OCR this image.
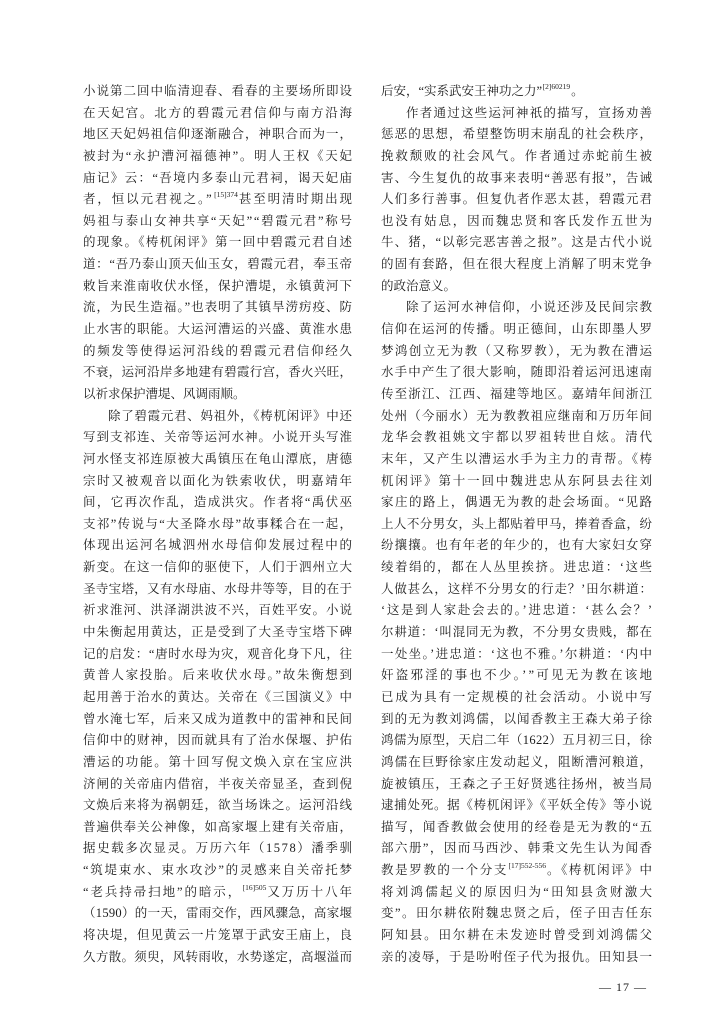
小说第二回中临清迎春、看春的主要场所即设
在天妃宫。北方的碧霞元君信仰与南方沿海
地区天妃妈祖信仰逐渐融合，神职合而为一，
被封为“永护漕河福德神”。明人王权《天妃
庙记》云：“吾境内多泰山元君祠，谒天妃庙
者，恒以元君视之。”$^{[15]374}$甚至明清时期出现
妈祖与泰山女神共享“天妃”“碧霞元君”称号
的现象。《梼杌闲评》第一回中碧霞元君自述
道：“吾乃泰山顶天仙玉女，碧霞元君，奉玉帝
敕旨来淮南收伏水怪，保护漕堤，永镇黄河下
流，为民生造福。”也表明了其镇旱涝疠疫、防
止水害的职能。大运河漕运的兴盛、黄淮水患
的频发等使得运河沿线的碧霞元君信仰经久
不衰，运河沿岸多地建有碧霞行宫，香火兴旺，
以祈求保护漕堤、风调雨顺。
除了碧霞元君、妈祖外，《梼杌闲评》中还
写到支祁连、关帝等运河水神。小说开头写淮
河水怪支祁连原被大禹镇压在龟山潭底，唐德
宗时又被观音以面化为铁索收伏，明嘉靖年
间，它再次作乱，造成洪灾。作者将“禹伏巫
支祁”传说与“大圣降水母”故事糅合在一起，
体现出运河名城泗州水母信仰发展过程中的
新变。在这一信仰的驱使下，人们于泗州立大
圣寺宝塔，又有水母庙、水母井等等，目的在于
祈求淮河、洪泽湖洪波不兴，百姓平安。小说
中朱衡起用黄达，正是受到了大圣寺宝塔下碑
记的启发：“唐时水母为灾，观音化身下凡，往
黄普人家投胎。后来收伏水母。”故朱衡想到
起用善于治水的黄达。关帝在《三国演义》中
曾水淹七军，后来又成为道教中的雷神和民间
信仰中的财神，因而就具有了治水保堰、护佑
漕运的功能。第十回写倪文焕入京在宝应洪
济闸的关帝庙内借宿，半夜关帝显圣，查到倪
文焕后来将为祸朝廷，欲当场诛之。运河沿线
普遍供奉关公神像，如高家堰上建有关帝庙，
据史载多次显灵。万历六年（1578）潘季驯
“筑堤束水、束水攻沙”的灵感来自关帝托梦
“老兵持帚扫地”的暗示，$^{[16]505}$又万历十八年
（1590）的一天，雷雨交作，西风骤急，高家堰
将决堤，但见黄云一片笼罩于武安王庙上，良
久方散。须臾，风转雨收，水势遂定，高堰溢而
后安，“实系武安王神功之力”$^{[2]60219}$。
作者通过这些运河神祇的描写，宣扬劝善
惩恶的思想，希望整饬明末崩乱的社会秩序，
挽救颓败的社会风气。作者通过赤蛇前生被
害、今生复仇的故事来表明“善恶有报”，告诫
人们多行善事。但复仇者作恶太甚，碧霞元君
也没有姑息，因而魏忠贤和客氏发作五世为
牛、猪，“以彰完恶害善之报”。这是古代小说
的固有套路，但在很大程度上消解了明末党争
的政治意义。
除了运河水神信仰，小说还涉及民间宗教
信仰在运河的传播。明正德间，山东即墨人罗
梦鸿创立无为教（又称罗教），无为教在漕运
水手中产生了很大影响，随即沿着运河迅速南
传至浙江、江西、福建等地区。嘉靖年间浙江
处州（今丽水）无为教教祖应继南和万历年间
龙华会教祖姚文宇都以罗祖转世自炫。清代
末年，又产生以漕运水手为主力的青帮。《梼
杌闲评》第十一回中魏进忠从东阿县去往刘
家庄的路上，偶遇无为教的赴会场面。“见路
上人不分男女，头上都贴着甲马，捧着香盒，纷
纷攘攘。也有年老的年少的，也有大家妇女穿
绫着绢的，都在人丛里挨挤。进忠道：‘这些
人做甚么，这样不分男女的行走？’田尔耕道：
‘这是到人家赴会去的。’进忠道：‘甚么会？’
尔耕道：‘叫混同无为教，不分男女贵贱，都在
一处坐。’进忠道：‘这也不雅。’尔耕道：‘内中
奸盗邪淫的事也不少。’”可见无为教在该地
已成为具有一定规模的社会活动。小说中写
到的无为教刘鸿儒，以闻香教主王森大弟子徐
鸿儒为原型，天启二年（1622）五月初三日，徐
鸿儒在巨野徐家庄发动起义，阻断漕河粮道，
旋被镇压，王森之子王好贤逃往扬州，被当局
逮捕处死。据《梼杌闲评》《平妖全传》等小说
描写，闻香教做会使用的经卷是无为教的“五
部六册”，因而马西沙、韩秉文先生认为闻香
教是罗教的一个分支$^{[17]552-556}$。《梼杌闲评》中
将刘鸿儒起义的原因归为“田知县贪财激大
变”。田尔耕依附魏忠贤之后，侄子田吉任东
阿知县。田尔耕在未发迹时曾受到刘鸿儒父
亲的凌辱，于是吩咐侄子代为报仇。田知县一
— 17 —
